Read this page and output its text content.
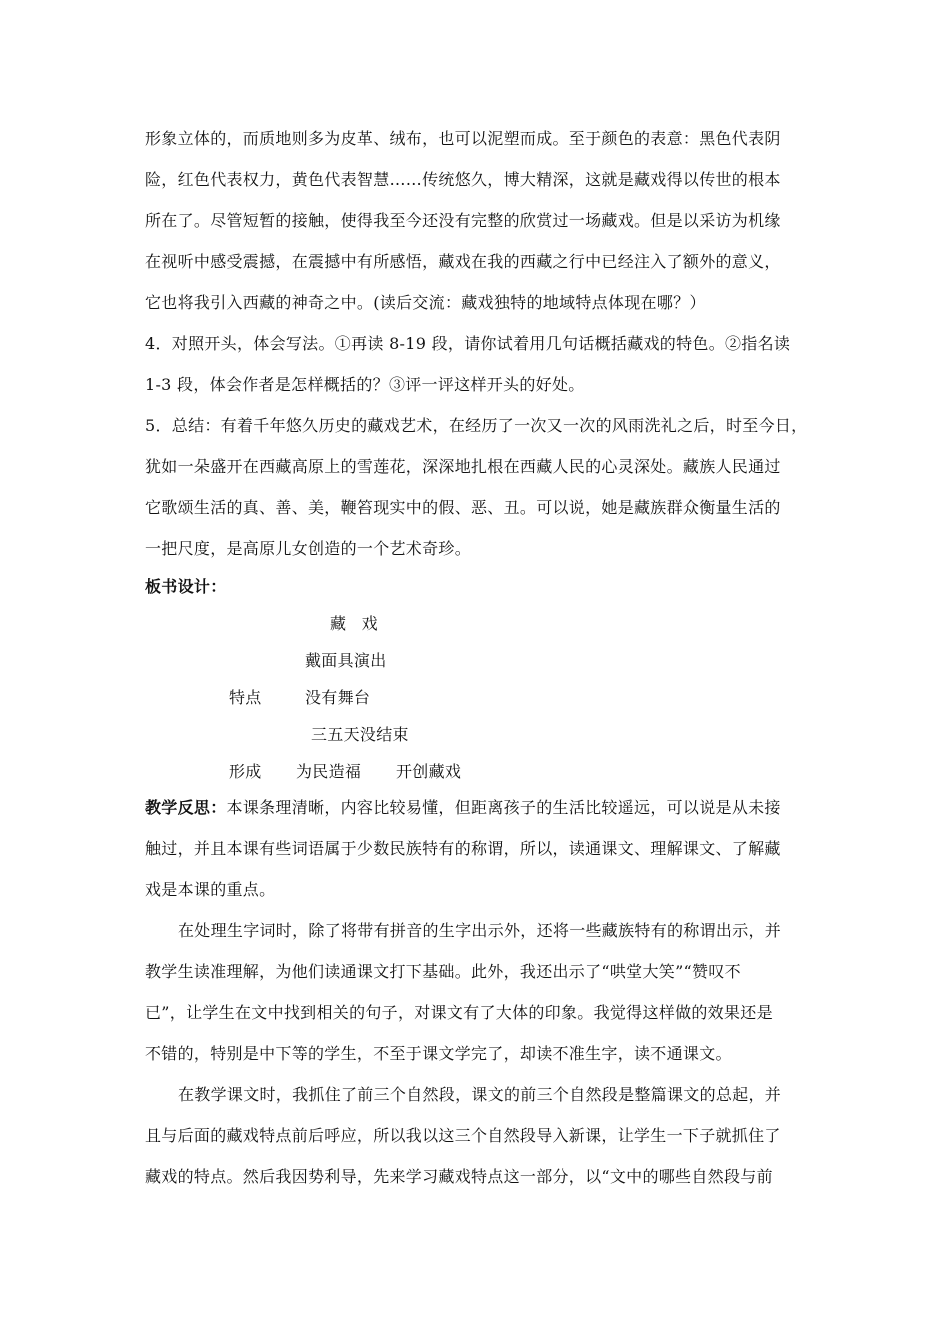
形象立体的，而质地则多为皮革、绒布，也可以泥塑而成。至于颜色的表意：黑色代表阴
险，红色代表权力，黄色代表智慧……传统悠久，博大精深，这就是藏戏得以传世的根本
所在了。尽管短暂的接触，使得我至今还没有完整的欣赏过一场藏戏。但是以采访为机缘
在视听中感受震撼，在震撼中有所感悟，藏戏在我的西藏之行中已经注入了额外的意义，
它也将我引入西藏的神奇之中。(读后交流：藏戏独特的地域特点体现在哪？）
4．对照开头，体会写法。①再读 8-19 段，请你试着用几句话概括藏戏的特色。②指名读
1-3 段，体会作者是怎样概括的？③评一评这样开头的好处。
5．总结：有着千年悠久历史的藏戏艺术，在经历了一次又一次的风雨洗礼之后，时至今日，
犹如一朵盛开在西藏高原上的雪莲花，深深地扎根在西藏人民的心灵深处。藏族人民通过
它歌颂生活的真、善、美，鞭笞现实中的假、恶、丑。可以说，她是藏族群众衡量生活的
一把尺度，是高原儿女创造的一个艺术奇珍。
板书设计：
藏 戏
戴面具演出
特点	没有舞台
三五天没结束
形成 为民造福 开创藏戏
教学反思：本课条理清晰，内容比较易懂，但距离孩子的生活比较遥远，可以说是从未接
触过，并且本课有些词语属于少数民族特有的称谓，所以，读通课文、理解课文、了解藏
戏是本课的重点。
在处理生字词时，除了将带有拼音的生字出示外，还将一些藏族特有的称谓出示，并
教学生读准理解，为他们读通课文打下基础。此外，我还出示了“哄堂大笑”“赞叹不
已”，让学生在文中找到相关的句子，对课文有了大体的印象。我觉得这样做的效果还是
不错的，特别是中下等的学生，不至于课文学完了，却读不准生字，读不通课文。
在教学课文时，我抓住了前三个自然段，课文的前三个自然段是整篇课文的总起，并
且与后面的藏戏特点前后呼应，所以我以这三个自然段导入新课，让学生一下子就抓住了
藏戏的特点。然后我因势利导，先来学习藏戏特点这一部分，以“文中的哪些自然段与前
